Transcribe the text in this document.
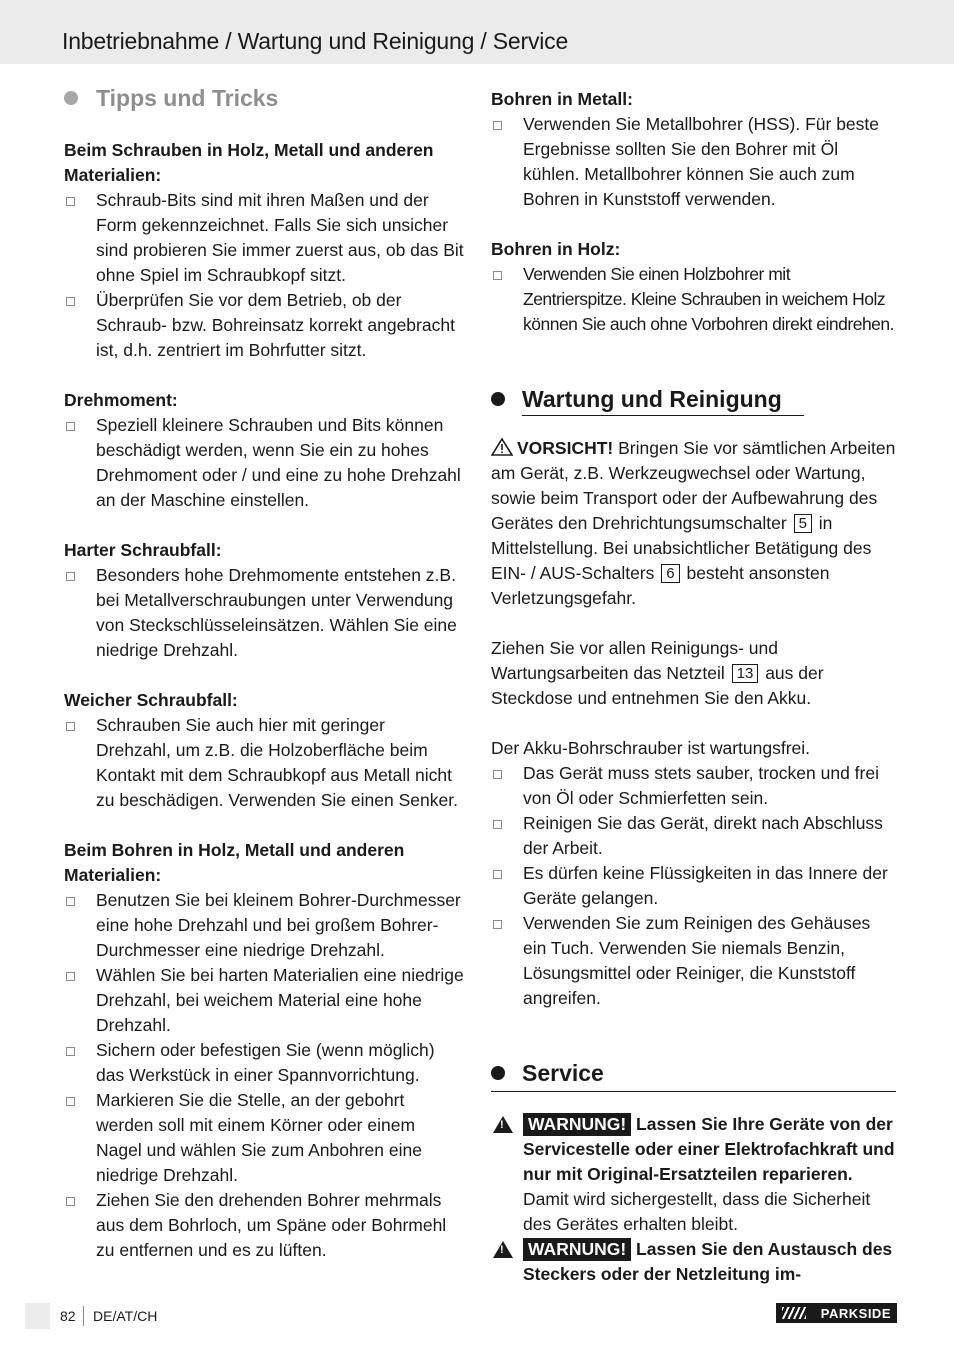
Inbetriebnahme / Wartung und Reinigung / Service
Tipps und Tricks

Beim Schrauben in Holz, Metall und anderen Materialien:

Schraub-Bits sind mit ihren Maßen und der Form gekennzeichnet. Falls Sie sich unsicher sind probieren Sie immer zuerst aus, ob das Bit ohne Spiel im Schraubkopf sitzt.
Überprüfen Sie vor dem Betrieb, ob der Schraub- bzw. Bohreinsatz korrekt angebracht ist, d.h. zentriert im Bohrfutter sitzt.

Drehmoment:

Speziell kleinere Schrauben und Bits können beschädigt werden, wenn Sie ein zu hohes Drehmoment oder / und eine zu hohe Drehzahl an der Maschine einstellen.

Harter Schraubfall:

Besonders hohe Drehmomente entstehen z.B. bei Metallverschraubungen unter Verwendung von Steckschlüsseleinsätzen. Wählen Sie eine niedrige Drehzahl.

Weicher Schraubfall:

Schrauben Sie auch hier mit geringer Drehzahl, um z.B. die Holzoberfläche beim Kontakt mit dem Schraubkopf aus Metall nicht zu beschädigen. Verwenden Sie einen Senker.

Beim Bohren in Holz, Metall und anderen Materialien:

Benutzen Sie bei kleinem Bohrer-Durchmesser eine hohe Drehzahl und bei großem Bohrer-Durchmesser eine niedrige Drehzahl.
Wählen Sie bei harten Materialien eine niedrige Drehzahl, bei weichem Material eine hohe Drehzahl.
Sichern oder befestigen Sie (wenn möglich) das Werkstück in einer Spannvorrichtung.
Markieren Sie die Stelle, an der gebohrt werden soll mit einem Körner oder einem Nagel und wählen Sie zum Anbohren eine niedrige Drehzahl.
Ziehen Sie den drehenden Bohrer mehrmals aus dem Bohrloch, um Späne oder Bohrmehl zu entfernen und es zu lüften.

Bohren in Metall:

Verwenden Sie Metallbohrer (HSS). Für beste Ergebnisse sollten Sie den Bohrer mit Öl kühlen. Metallbohrer können Sie auch zum Bohren in Kunststoff verwenden.

Bohren in Holz:

Verwenden Sie einen Holzbohrer mit Zentrierspitze. Kleine Schrauben in weichem Holz können Sie auch ohne Vorbohren direkt eindrehen.
Wartung und Reinigung

VORSICHT! Bringen Sie vor sämtlichen Arbeiten am Gerät, z.B. Werkzeugwechsel oder Wartung, sowie beim Transport oder der Aufbewahrung des Gerätes den Drehrichtungsumschalter 5 in Mittelstellung. Bei unabsichtlicher Betätigung des EIN- / AUS-Schalters 6 besteht ansonsten Verletzungsgefahr.

Ziehen Sie vor allen Reinigungs- und Wartungsarbeiten das Netzteil 13 aus der Steckdose und entnehmen Sie den Akku.

Der Akku-Bohrschrauber ist wartungsfrei.

Das Gerät muss stets sauber, trocken und frei von Öl oder Schmierfetten sein.
Reinigen Sie das Gerät, direkt nach Abschluss der Arbeit.
Es dürfen keine Flüssigkeiten in das Innere der Geräte gelangen.
Verwenden Sie zum Reinigen des Gehäuses ein Tuch. Verwenden Sie niemals Benzin, Lösungsmittel oder Reiniger, die Kunststoff angreifen.
Service
!

WARNUNG! Lassen Sie Ihre Geräte von der Servicestelle oder einer Elektrofachkraft und nur mit Original-Ersatzteilen reparieren. Damit wird sichergestellt, dass die Sicherheit des Gerätes erhalten bleibt.

!

WARNUNG! Lassen Sie den Austausch des Steckers oder der Netzleitung im-

82 DE/AT/CH	PARKSIDE
